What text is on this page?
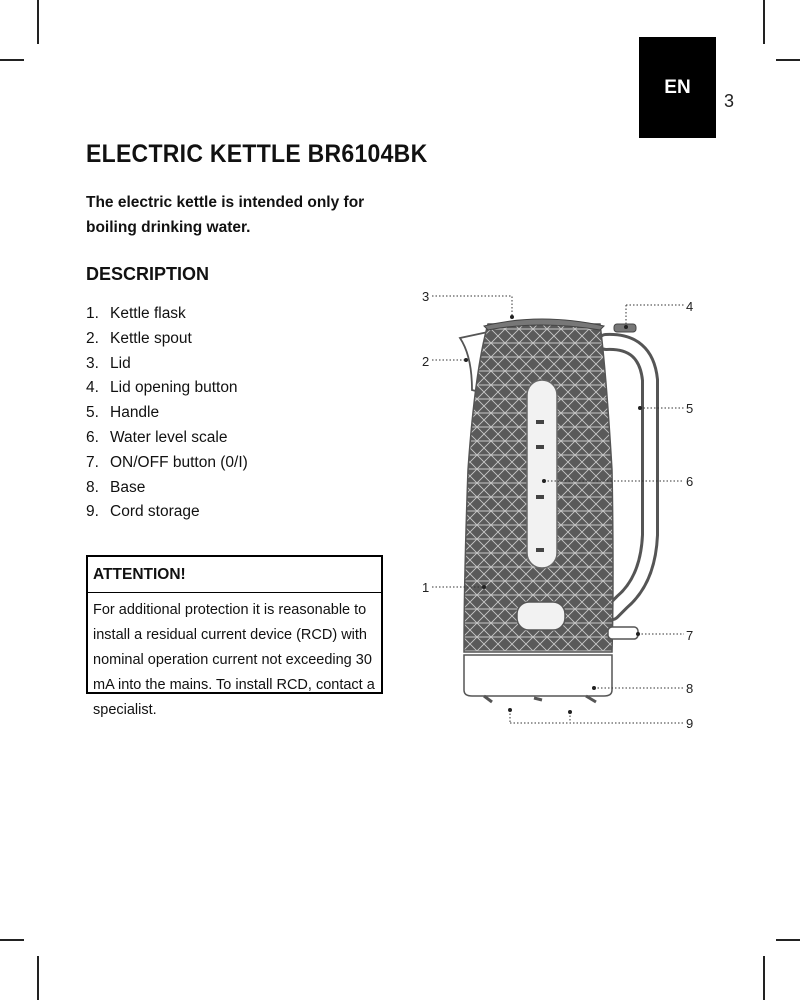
EN
3
ELECTRIC KETTLE BR6104BK

The electric kettle is intended only for boiling drinking water.

DESCRIPTION
1. Kettle flask
2. Kettle spout
3. Lid
4. Lid opening button
5. Handle
6. Water level scale
7. ON/OFF button (0/I)
8. Base
9. Cord storage
ATTENTION!
For additional protection it is reasonable to install a residual current device (RCD) with nominal operation current not exceeding 30 mA into the mains. To install RCD, contact a specialist.
1
2
3
4
5
6
7
8
9
